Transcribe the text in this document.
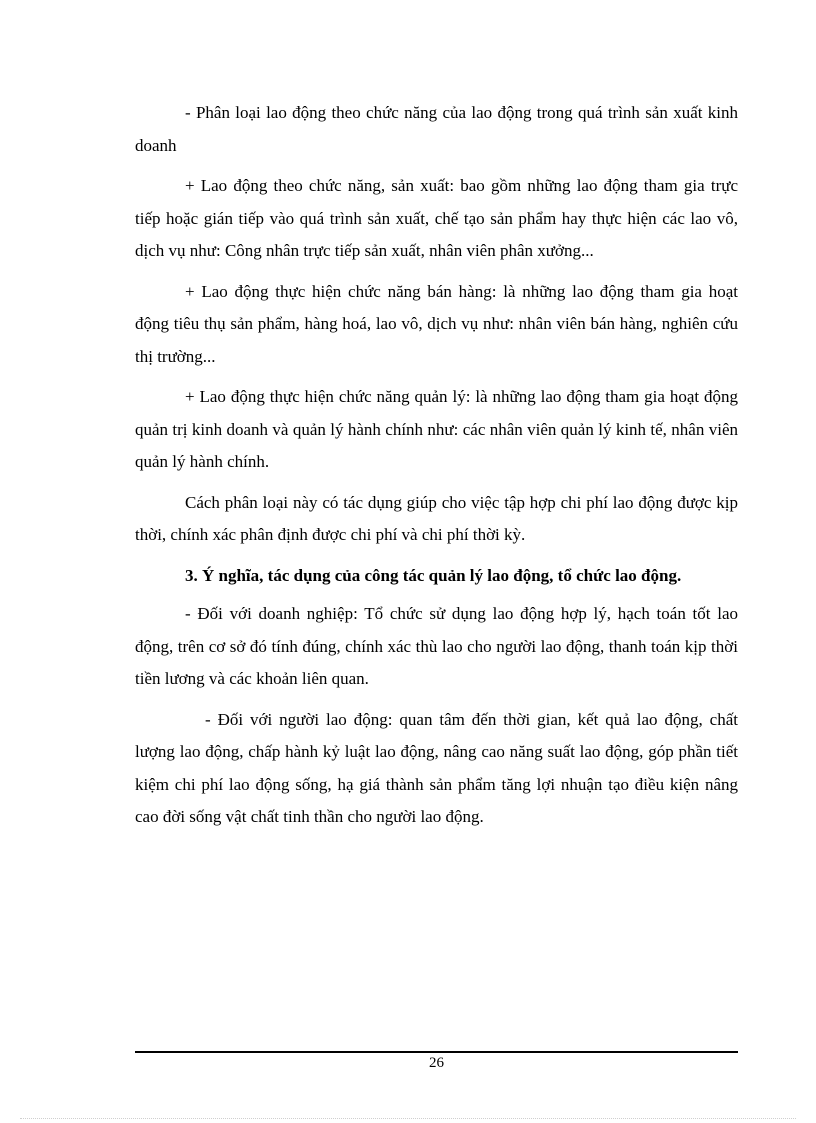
- Phân loại lao động theo chức năng của lao động trong quá trình sản xuất kinh doanh

+ Lao động theo chức năng, sản xuất: bao gồm những lao động tham gia trực tiếp hoặc gián tiếp vào quá trình sản xuất, chế tạo sản phẩm hay thực hiện các lao vô, dịch vụ như: Công nhân trực tiếp sản xuất, nhân viên phân xưởng...

+ Lao động thực hiện chức năng bán hàng: là những lao động tham gia hoạt động tiêu thụ sản phẩm, hàng hoá, lao vô, dịch vụ như: nhân viên bán hàng, nghiên cứu thị trường...

+ Lao động thực hiện chức năng quản lý: là những lao động tham gia hoạt động quản trị kinh doanh và quản lý hành chính như: các nhân viên quản lý kinh tế, nhân viên quản lý hành chính.

Cách phân loại này có tác dụng giúp cho việc tập hợp chi phí lao động được kịp thời, chính xác phân định được chi phí và chi phí thời kỳ.

3. Ý nghĩa, tác dụng của công tác quản lý lao động, tổ chức lao động.

- Đối với doanh nghiệp: Tổ chức sử dụng lao động hợp lý, hạch toán tốt lao động, trên cơ sở đó tính đúng, chính xác thù lao cho người lao động, thanh toán kịp thời tiền lương và các khoản liên quan.

- Đối với người lao động: quan tâm đến thời gian, kết quả lao động, chất lượng lao động, chấp hành kỷ luật lao động, nâng cao năng suất lao động, góp phần tiết kiệm chi phí lao động sống, hạ giá thành sản phẩm tăng lợi nhuận tạo điều kiện nâng cao đời sống vật chất tinh thần cho người lao động.

26
